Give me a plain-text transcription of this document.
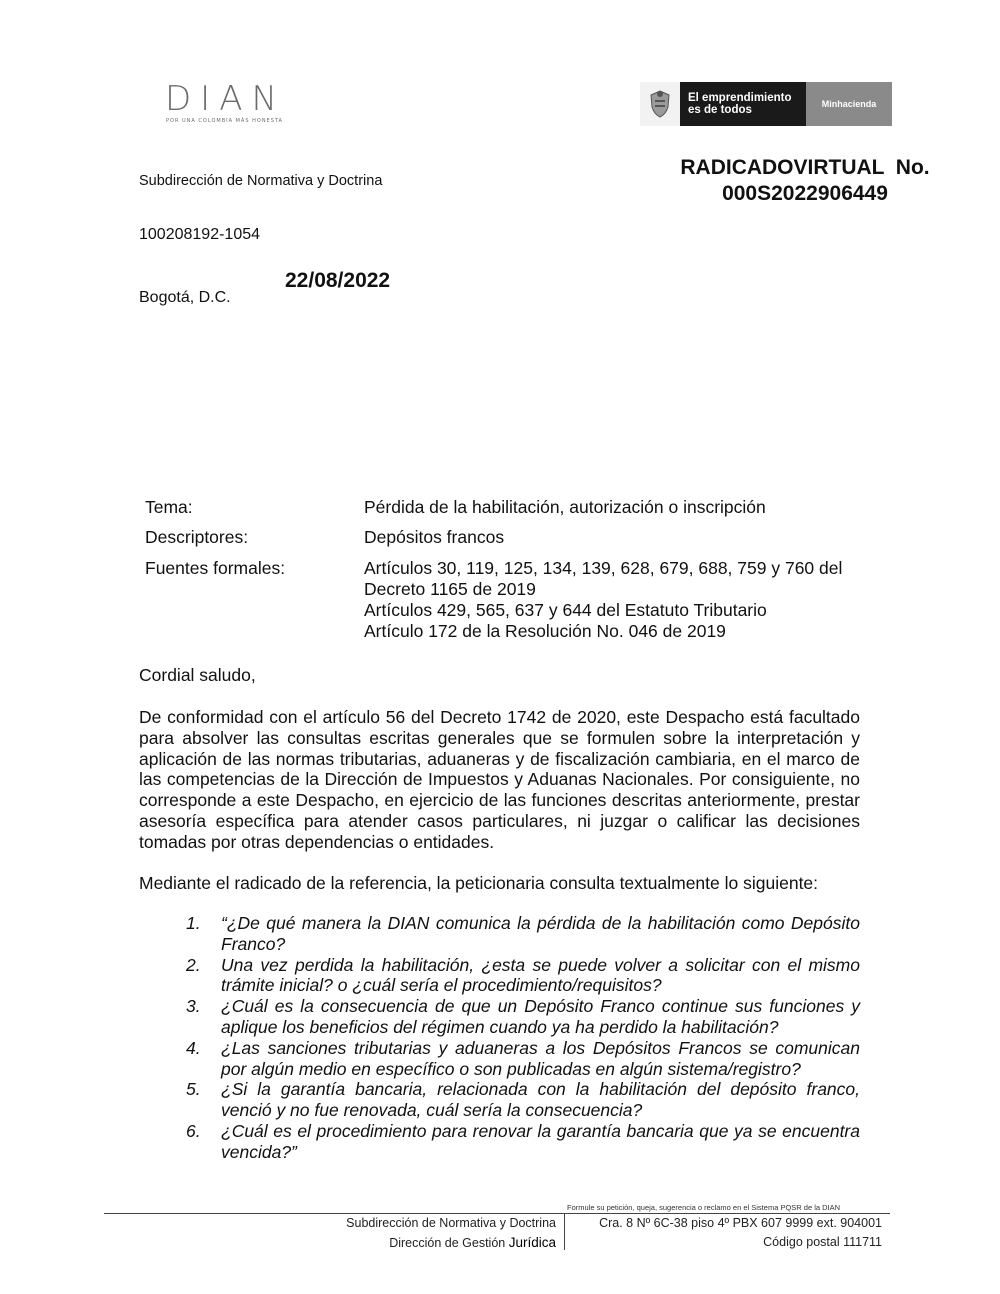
DIAN
POR UNA COLOMBIA MÁS HONESTA
El emprendimiento
es de todos	Minhacienda
Subdirección de Normativa y Doctrina
RADICADOVIRTUAL  No.
000S2022906449
100208192-1054
Bogotá, D.C.
22/08/2022
Tema:	Pérdida de la habilitación, autorización o inscripción
Descriptores:	Depósitos francos
Fuentes formales:	Artículos 30, 119, 125, 134, 139, 628, 679, 688, 759 y 760 del
Decreto 1165 de 2019
Artículos 429, 565, 637 y 644 del Estatuto Tributario
Artículo 172 de la Resolución No. 046 de 2019

Cordial saludo,

De conformidad con el artículo 56 del Decreto 1742 de 2020, este Despacho está facultado para absolver las consultas escritas generales que se formulen sobre la interpretación y aplicación de las normas tributarias, aduaneras y de fiscalización cambiaria, en el marco de las competencias de la Dirección de Impuestos y Aduanas Nacionales. Por consiguiente, no corresponde a este Despacho, en ejercicio de las funciones descritas anteriormente, prestar asesoría específica para atender casos particulares, ni juzgar o calificar las decisiones tomadas por otras dependencias o entidades.

Mediante el radicado de la referencia, la peticionaria consulta textualmente lo siguiente:

1.	“¿De qué manera la DIAN comunica la pérdida de la habilitación como Depósito Franco?
2.	Una vez perdida la habilitación, ¿esta se puede volver a solicitar con el mismo trámite inicial? o ¿cuál sería el procedimiento/requisitos?
3.	¿Cuál es la consecuencia de que un Depósito Franco continue sus funciones y aplique los beneficios del régimen cuando ya ha perdido la habilitación?
4.	¿Las sanciones tributarias y aduaneras a los Depósitos Francos se comunican por algún medio en específico o son publicadas en algún sistema/registro?
5.	¿Si la garantía bancaria, relacionada con la habilitación del depósito franco, venció y no fue renovada, cuál sería la consecuencia?
6.	¿Cuál es el procedimiento para renovar la garantía bancaria que ya se encuentra vencida?”
Formule su petición, queja, sugerencia o reclamo en el Sistema PQSR de la DIAN
Subdirección de Normativa y Doctrina
Dirección de Gestión Jurídica
Cra. 8 Nº 6C-38 piso 4º PBX 607 9999 ext. 904001
Código postal 111711
